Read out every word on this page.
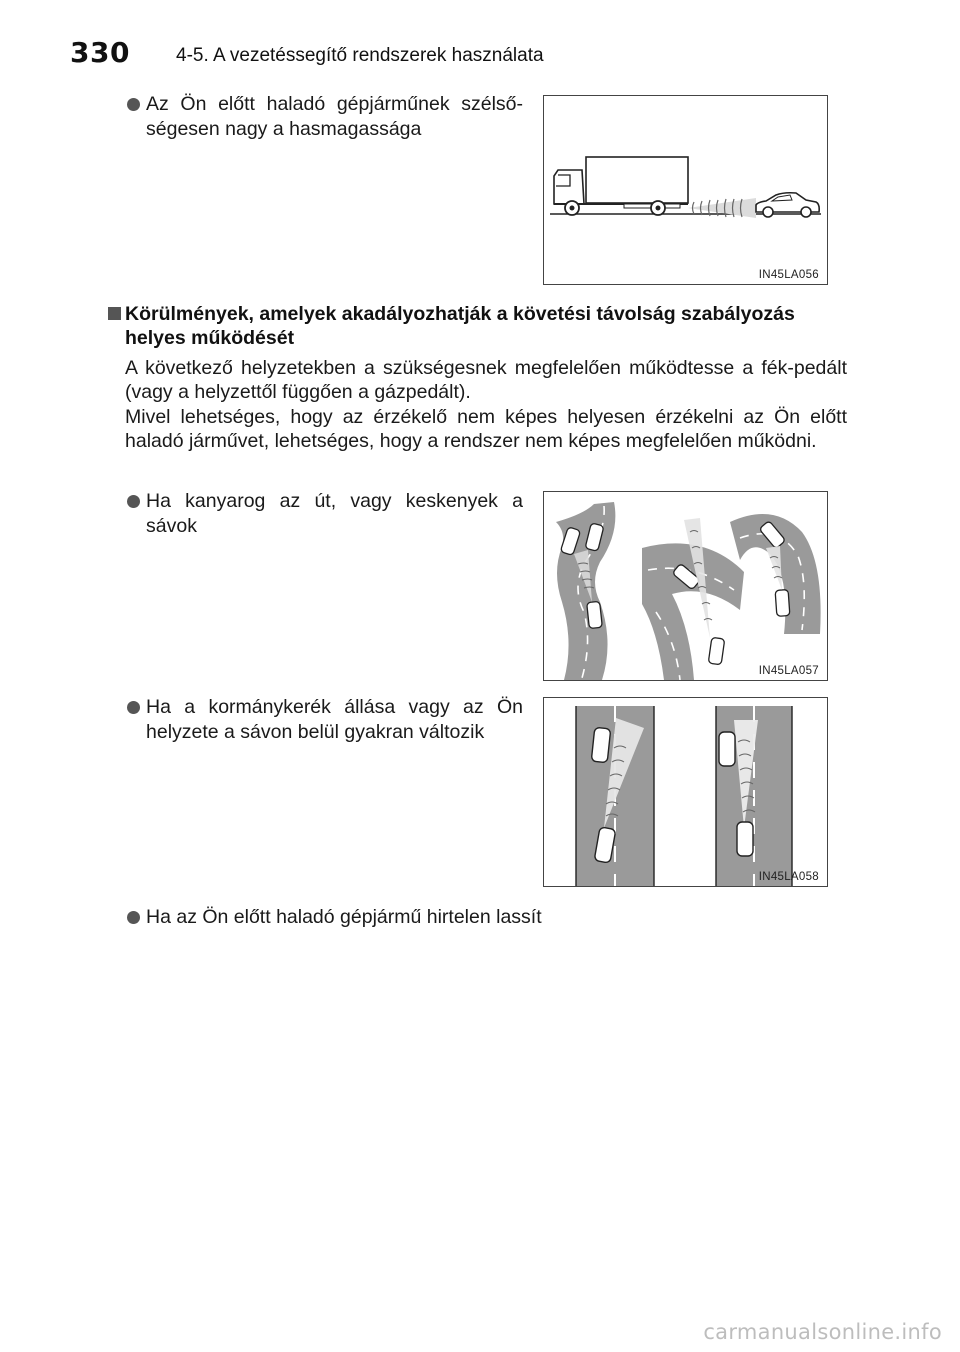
330 4-5. A vezetéssegítő rendszerek használata
Az Ön előtt haladó gépjárműnek szélső-ségesen nagy a hasmagassága
IN45LA056
Körülmények, amelyek akadályozhatják a követési távolság szabályozás helyes működését
A következő helyzetekben a szükségesnek megfelelően működtesse a fék-pedált (vagy a helyzettől függően a gázpedált).
Mivel lehetséges, hogy az érzékelő nem képes helyesen érzékelni az Ön előtt haladó járművet, lehetséges, hogy a rendszer nem képes megfelelően működni.
Ha kanyarog az út, vagy keskenyek a sávok
IN45LA057
Ha a kormánykerék állása vagy az Ön helyzete a sávon belül gyakran változik
IN45LA058
Ha az Ön előtt haladó gépjármű hirtelen lassít
carmanualsonline.info
